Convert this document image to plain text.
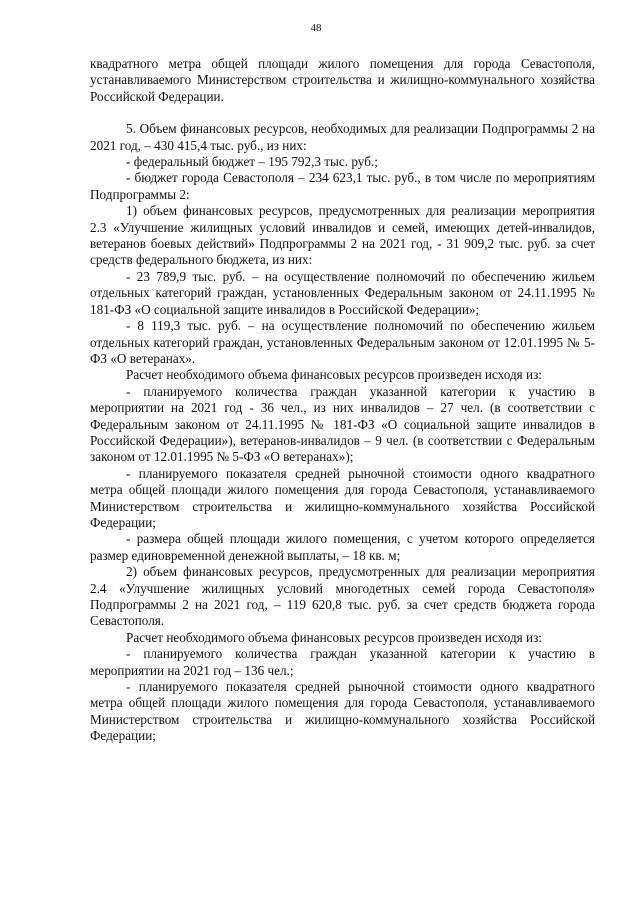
48

квадратного метра общей площади жилого помещения для города Севастополя, устанавливаемого Министерством строительства и жилищно-коммунального хозяйства Российской Федерации.

5. Объем финансовых ресурсов, необходимых для реализации Подпрограммы 2 на 2021 год, – 430 415,4 тыс. руб., из них:

- федеральный бюджет – 195 792,3 тыс. руб.;

- бюджет города Севастополя – 234 623,1 тыс. руб., в том числе по мероприятиям Подпрограммы 2:

1) объем финансовых ресурсов, предусмотренных для реализации мероприятия 2.3 «Улучшение жилищных условий инвалидов и семей, имеющих детей-инвалидов, ветеранов боевых действий» Подпрограммы 2 на 2021 год, - 31 909,2 тыс. руб. за счет средств федерального бюджета, из них:

- 23 789,9 тыс. руб. – на осуществление полномочий по обеспечению жильем отдельных категорий граждан, установленных Федеральным законом от 24.11.1995 № 181-ФЗ «О социальной защите инвалидов в Российской Федерации»;

- 8 119,3 тыс. руб. – на осуществление полномочий по обеспечению жильем отдельных категорий граждан, установленных Федеральным законом от 12.01.1995 № 5-ФЗ «О ветеранах».

Расчет необходимого объема финансовых ресурсов произведен исходя из:

- планируемого количества граждан указанной категории к участию в мероприятии на 2021 год - 36 чел., из них инвалидов – 27 чел. (в соответствии с Федеральным законом от 24.11.1995 № 181-ФЗ «О социальной защите инвалидов в Российской Федерации»), ветеранов-инвалидов – 9 чел. (в соответствии с Федеральным законом от 12.01.1995 № 5-ФЗ «О ветеранах»);

- планируемого показателя средней рыночной стоимости одного квадратного метра общей площади жилого помещения для города Севастополя, устанавливаемого Министерством строительства и жилищно-коммунального хозяйства Российской Федерации;

- размера общей площади жилого помещения, с учетом которого определяется размер единовременной денежной выплаты, – 18 кв. м;

2) объем финансовых ресурсов, предусмотренных для реализации мероприятия 2.4 «Улучшение жилищных условий многодетных семей города Севастополя» Подпрограммы 2 на 2021 год, – 119 620,8 тыс. руб. за счет средств бюджета города Севастополя.

Расчет необходимого объема финансовых ресурсов произведен исходя из:

- планируемого количества граждан указанной категории к участию в мероприятии на 2021 год – 136 чел.;

- планируемого показателя средней рыночной стоимости одного квадратного метра общей площади жилого помещения для города Севастополя, устанавливаемого Министерством строительства и жилищно-коммунального хозяйства Российской Федерации;
